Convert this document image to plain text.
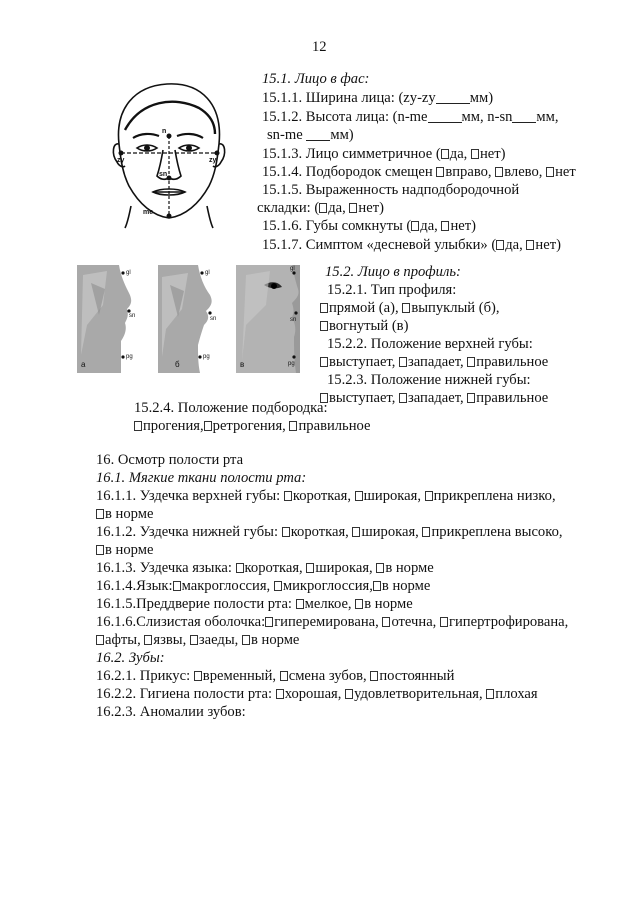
12
zy	zy
n
sn
me
15.1. Лицо в фас:
15.1.1. Ширина лица: (zy-zy мм)
15.1.2. Высота лица: (n-me мм, n-sn мм,
sn-me мм)
15.1.3. Лицо симметричное ( да, нет)
15.1.4. Подбородок смещен вправо, влево, нет
15.1.5. Выраженность надподбородочной
складки: ( да, нет)
15.1.6. Губы сомкнуты ( да, нет)
15.1.7. Симптом «десневой улыбки» ( да, нет)
gl
sn
pg
а
gl
sn
pg
б
gl
sn
pg
в
15.2. Лицо в профиль:
15.2.1. Тип профиля:
прямой (а), выпуклый (б),
вогнутый (в)
15.2.2. Положение верхней губы:
выступает, западает, правильное
15.2.3. Положение нижней губы:
выступает, западает, правильное
15.2.4. Положение подбородка:
прогения, ретрогения, правильное
16. Осмотр полости рта
16.1. Мягкие ткани полости рта:
16.1.1. Уздечка верхней губы: короткая, широкая, прикреплена низко,
в норме
16.1.2. Уздечка нижней губы: короткая, широкая, прикреплена высоко,
в норме
16.1.3. Уздечка языка: короткая, широкая, в норме
16.1.4.Язык: макроглоссия, микроглоссия, в норме
16.1.5.Преддверие полости рта: мелкое, в норме
16.1.6.Слизистая оболочка: гиперемирована, отечна, гипертрофирована,
афты, язвы, заеды, в норме
16.2. Зубы:
16.2.1. Прикус: временный, смена зубов, постоянный
16.2.2. Гигиена полости рта: хорошая, удовлетворительная, плохая
16.2.3. Аномалии зубов:
